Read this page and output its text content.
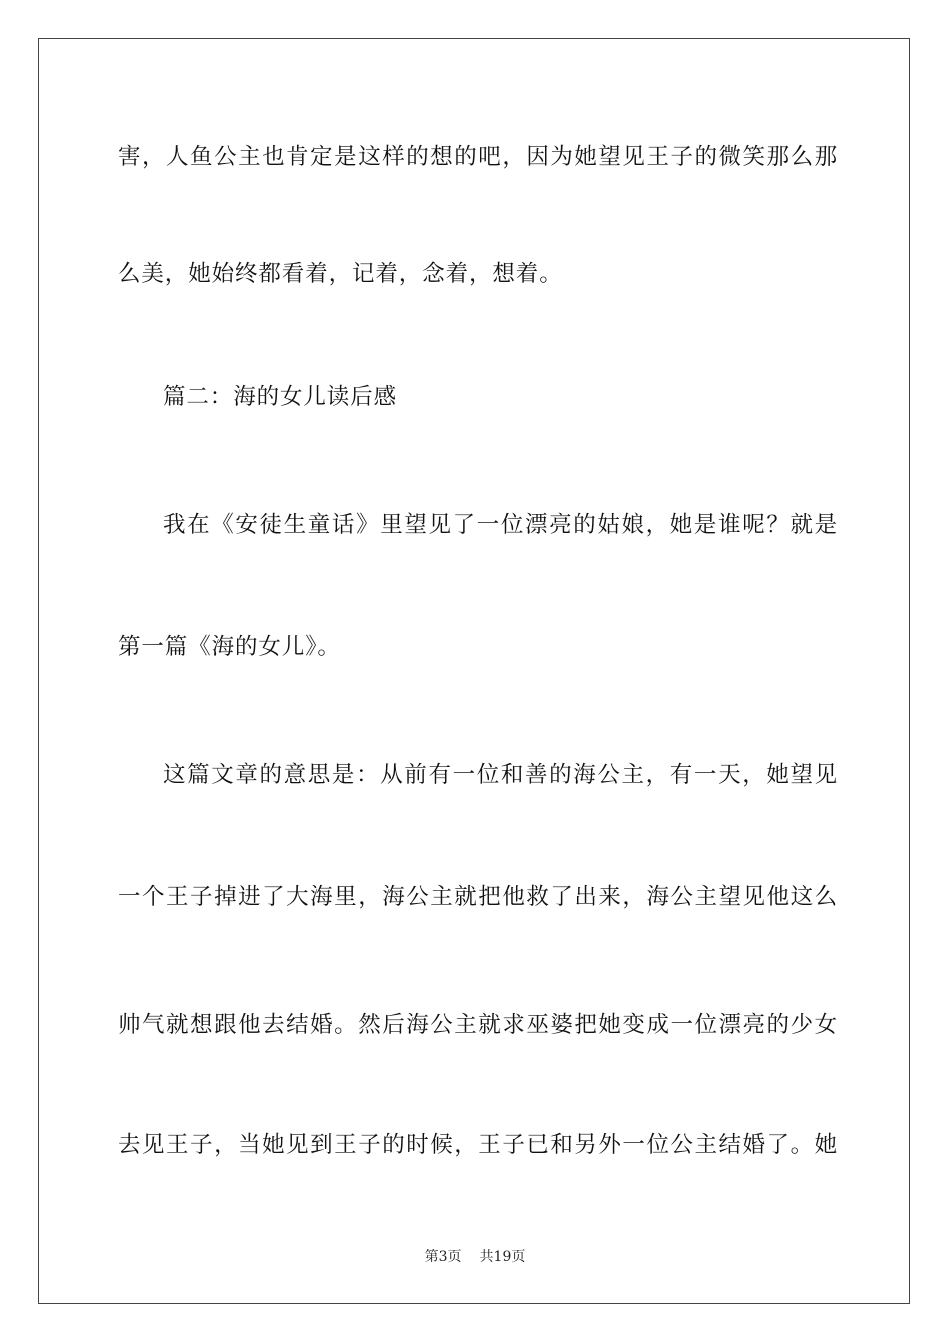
害，人鱼公主也肯定是这样的想的吧，因为她望见王子的微笑那么那
么美，她始终都看着，记着，念着，想着。
篇二：海的女儿读后感
我在《安徒生童话》里望见了一位漂亮的姑娘，她是谁呢？就是
第一篇《海的女儿》。
这篇文章的意思是：从前有一位和善的海公主，有一天，她望见
一个王子掉进了大海里，海公主就把他救了出来，海公主望见他这么
帅气就想跟他去结婚。然后海公主就求巫婆把她变成一位漂亮的少女
去见王子，当她见到王子的时候，王子已和另外一位公主结婚了。她
第3页 共19页
